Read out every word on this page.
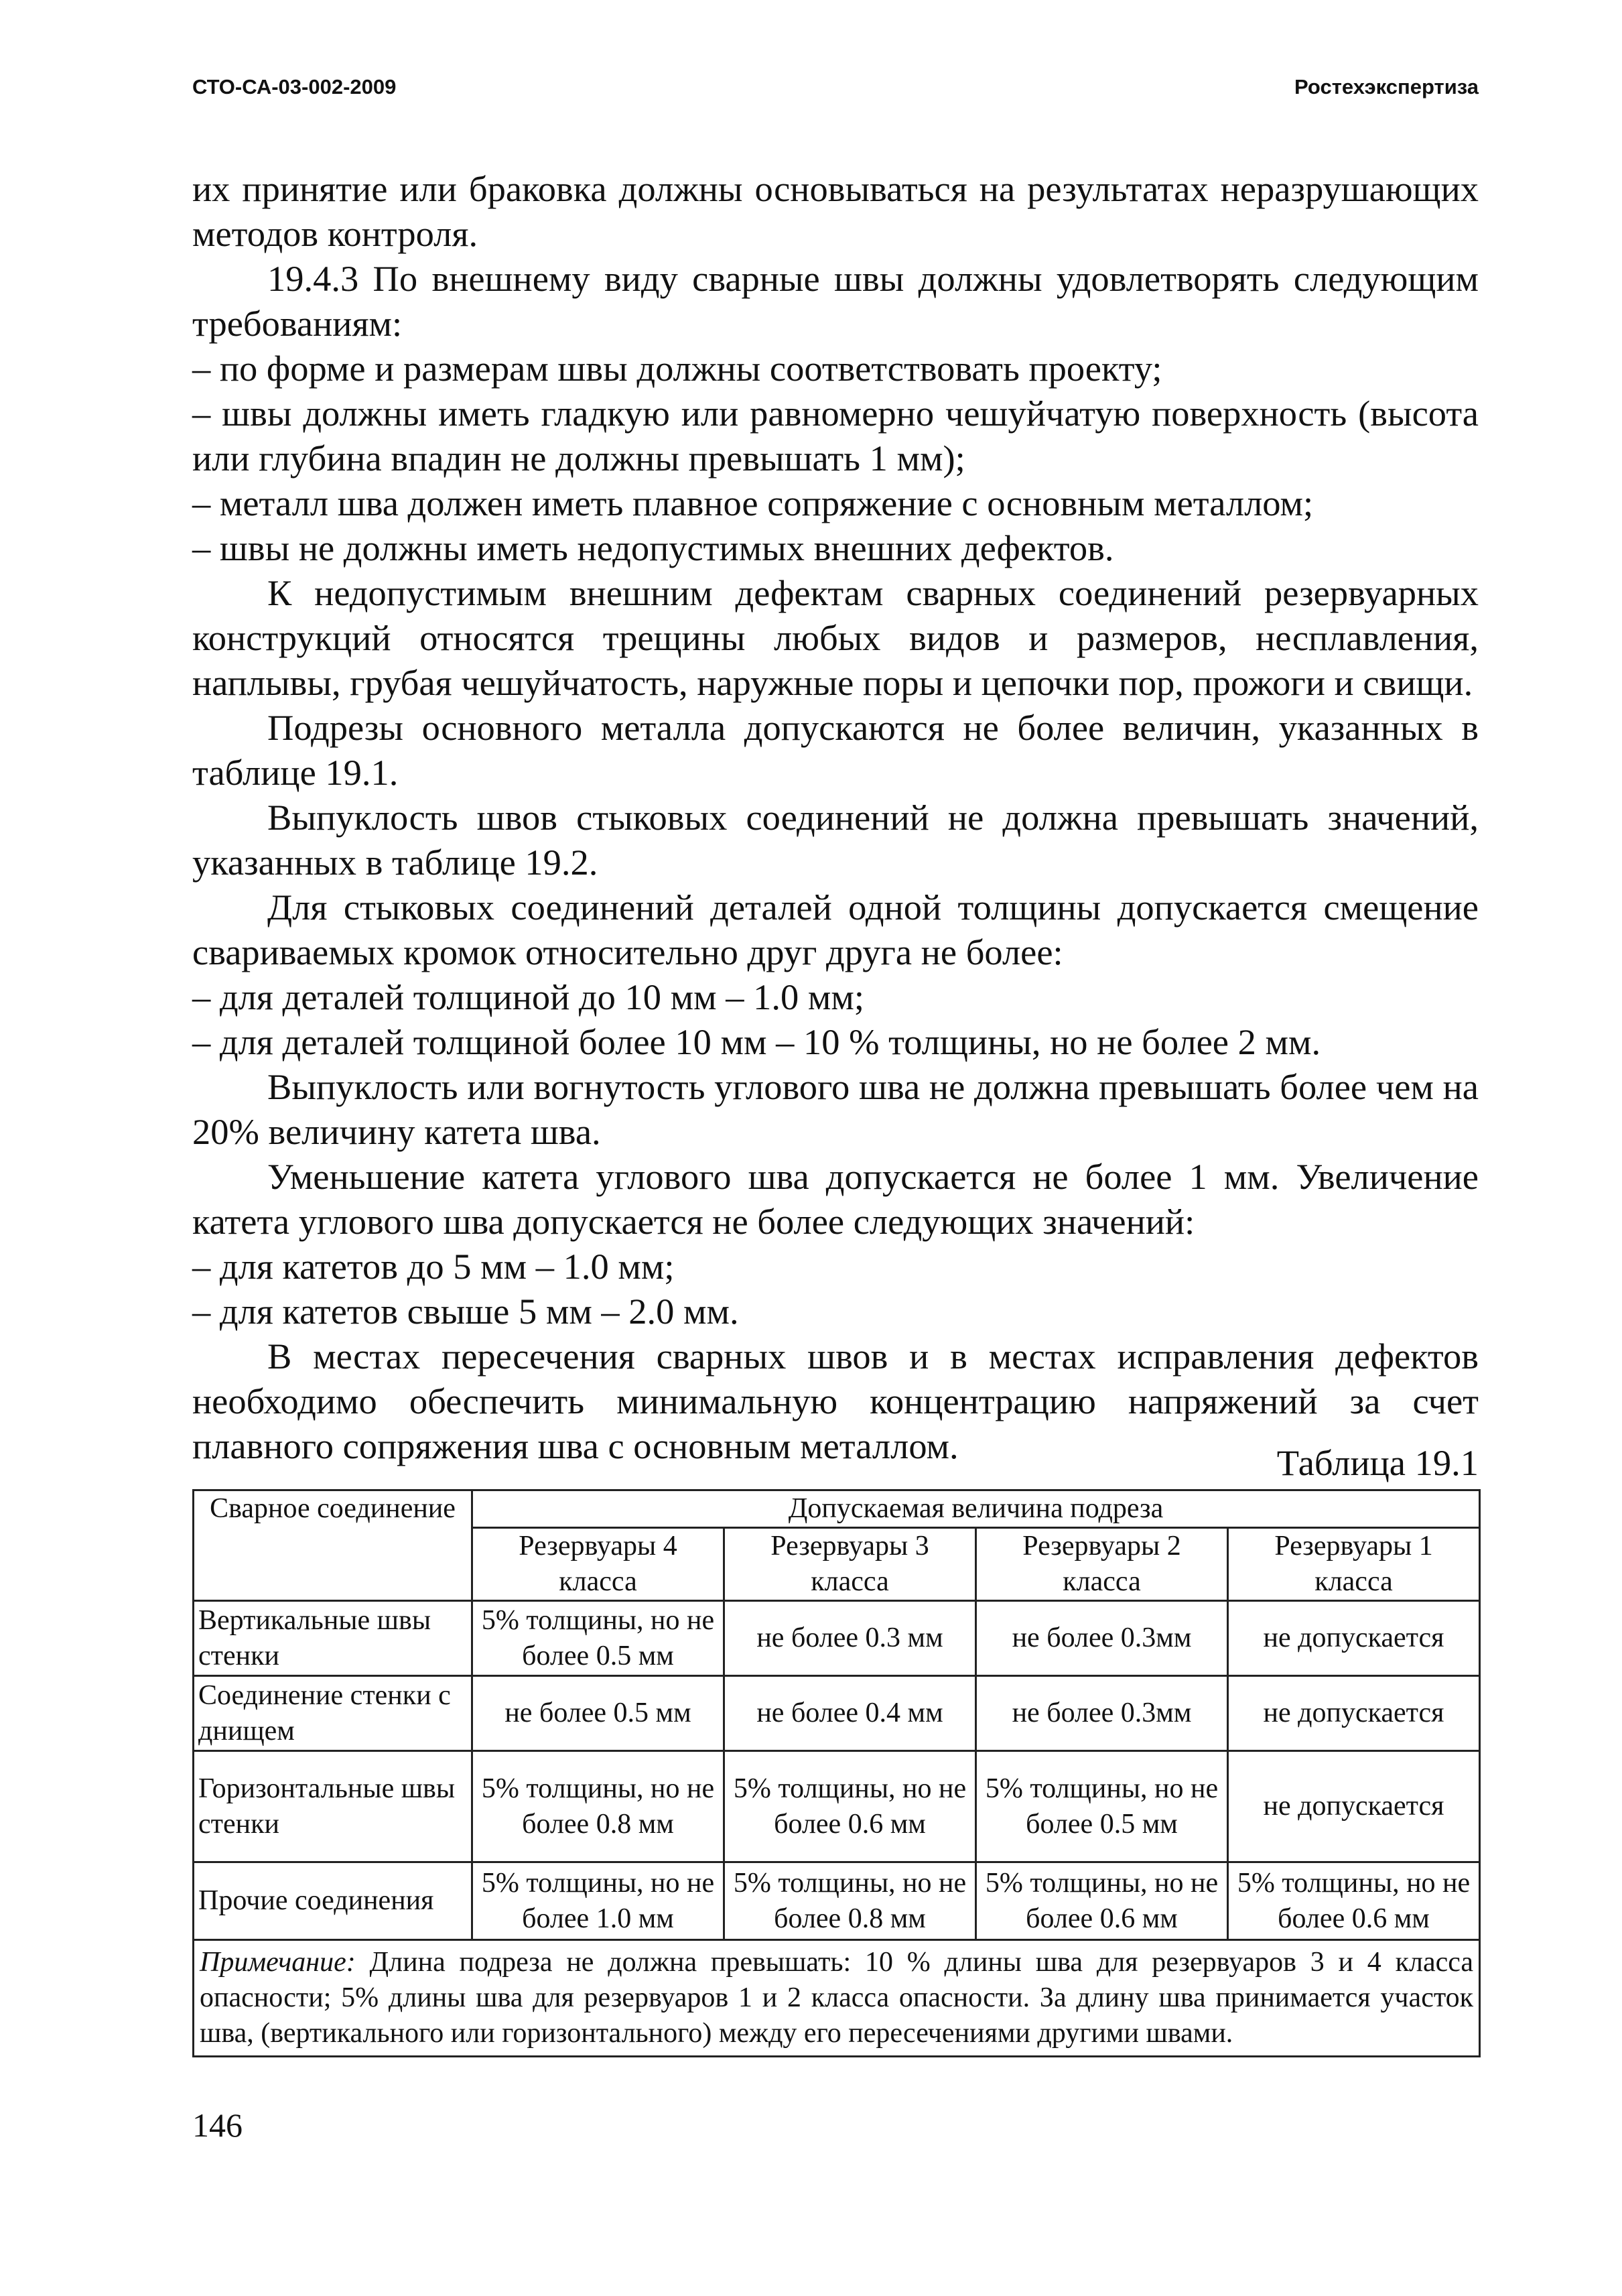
СТО-СА-03-002-2009	Ростехэкспертиза

их принятие или браковка должны основываться на результатах неразрушающих методов контроля.

19.4.3 По внешнему виду сварные швы должны удовлетворять следующим требованиям:

– по форме и размерам швы должны соответствовать проекту;

– швы должны иметь гладкую или равномерно чешуйчатую поверхность (высота или глубина впадин не должны превышать 1 мм);

– металл шва должен иметь плавное сопряжение с основным металлом;

– швы не должны иметь недопустимых внешних дефектов.

К недопустимым внешним дефектам сварных соединений резервуарных конструкций относятся трещины любых видов и размеров, несплавления, наплывы, грубая чешуйчатость, наружные поры и цепочки пор, прожоги и свищи.

Подрезы основного металла допускаются не более величин, указанных в таблице 19.1.

Выпуклость швов стыковых соединений не должна превышать значений, указанных в таблице 19.2.

Для стыковых соединений деталей одной толщины допускается смещение свариваемых кромок относительно друг друга не более:

– для деталей толщиной до 10 мм – 1.0 мм;

– для деталей толщиной более 10 мм – 10 % толщины, но не более 2 мм.

Выпуклость или вогнутость углового шва не должна превышать более чем на 20% величину катета шва.

Уменьшение катета углового шва допускается не более 1 мм. Увеличение катета углового шва допускается не более следующих значений:

– для катетов до 5 мм – 1.0 мм;

– для катетов свыше 5 мм – 2.0 мм.

В местах пересечения сварных швов и в местах исправления дефектов необходимо обеспечить минимальную концентрацию напряжений за счет плавного сопряжения шва с основным металлом.	Таблица 19.1
Сварное соединение	Допускаемая величина подреза			
	Резервуары 4 класса	Резервуары 3 класса	Резервуары 2 класса	Резервуары 1 класса
Вертикальные швы стенки	5% толщины, но не более 0.5 мм	не более 0.3 мм	не более 0.3мм	не допускается
Соединение стенки с днищем	не более 0.5 мм	не более 0.4 мм	не более 0.3мм	не допускается
Горизонтальные швы стенки	5% толщины, но не более 0.8 мм	5% толщины, но не более 0.6 мм	5% толщины, но не более 0.5 мм	не допускается
Прочие соединения	5% толщины, но не более 1.0 мм	5% толщины, но не более 0.8 мм	5% толщины, но не более 0.6 мм	5% толщины, но не более 0.6 мм
Примечание: Длина подреза не должна превышать: 10 % длины шва для резервуаров 3 и 4 класса опасности; 5% длины шва для резервуаров 1 и 2 класса опасности. За длину шва принимается участок шва, (вертикального или горизонтального) между его пересечениями другими швами.				
146
